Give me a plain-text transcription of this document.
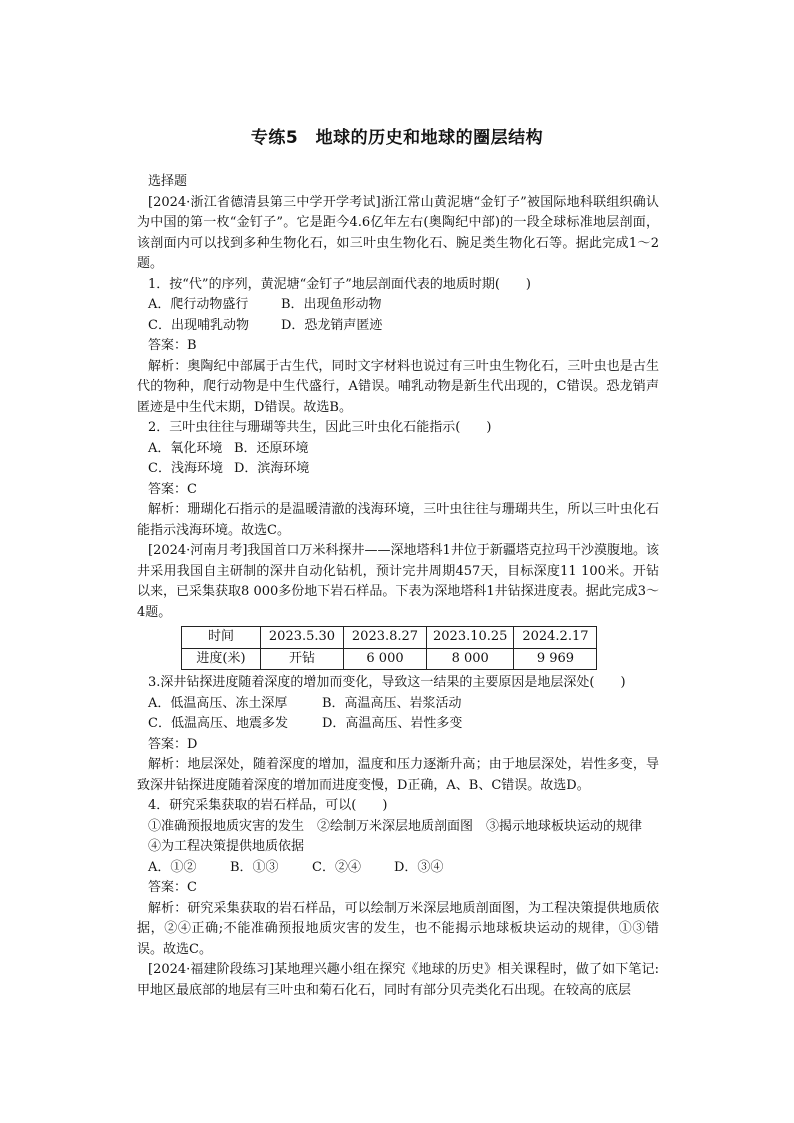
专练5　地球的历史和地球的圈层结构

选择题

[2024·浙江省德清县第三中学开学考试]浙江常山黄泥塘“金钉子”被国际地科联组织确认为中国的第一枚“金钉子”。它是距今4.6亿年左右(奥陶纪中部)的一段全球标准地层剖面，该剖面内可以找到多种生物化石，如三叶虫生物化石、腕足类生物化石等。据此完成1～2题。

1．按“代”的序列，黄泥塘“金钉子”地层剖面代表的地质时期(　　)

A．爬行动物盛行	B．出现鱼形动物

C．出现哺乳动物 D．恐龙销声匿迹

答案：B

解析：奥陶纪中部属于古生代，同时文字材料也说过有三叶虫生物化石，三叶虫也是古生代的物种，爬行动物是中生代盛行，A错误。哺乳动物是新生代出现的，C错误。恐龙销声匿迹是中生代末期，D错误。故选B。

2．三叶虫往往与珊瑚等共生，因此三叶虫化石能指示(　　)

A．氧化环境 B．还原环境

C．浅海环境 D．滨海环境

答案：C

解析：珊瑚化石指示的是温暖清澈的浅海环境，三叶虫往往与珊瑚共生，所以三叶虫化石能指示浅海环境。故选C。

[2024·河南月考]我国首口万米科探井——深地塔科1井位于新疆塔克拉玛干沙漠腹地。该井采用我国自主研制的深井自动化钻机，预计完井周期457天，目标深度11 100米。开钻以来，已采集获取8 000多份地下岩石样品。下表为深地塔科1井钻探进度表。据此完成3～4题。

时间	2023.5.30	2023.8.27	2023.10.25	2024.2.17
进度(米)	开钻	6 000	8 000	9 969

3.深井钻探进度随着深度的增加而变化，导致这一结果的主要原因是地层深处(　　)

A．低温高压、冻土深厚	B．高温高压、岩浆活动

C．低温高压、地震多发	D．高温高压、岩性多变

答案：D

解析：地层深处，随着深度的增加，温度和压力逐渐升高；由于地层深处，岩性多变，导致深井钻探进度随着深度的增加而进度变慢，D正确，A、B、C错误。故选D。

4．研究采集获取的岩石样品，可以(　　)

①准确预报地质灾害的发生　②绘制万米深层地质剖面图　③揭示地球板块运动的规律

④为工程决策提供地质依据

A．①②	B．①③	C．②④	D．③④

答案：C

解析：研究采集获取的岩石样品，可以绘制万米深层地质剖面图，为工程决策提供地质依据，②④正确;不能准确预报地质灾害的发生，也不能揭示地球板块运动的规律，①③错误。故选C。

[2024·福建阶段练习]某地理兴趣小组在探究《地球的历史》相关课程时，做了如下笔记:甲地区最底部的地层有三叶虫和菊石化石，同时有部分贝壳类化石出现。在较高的底层
